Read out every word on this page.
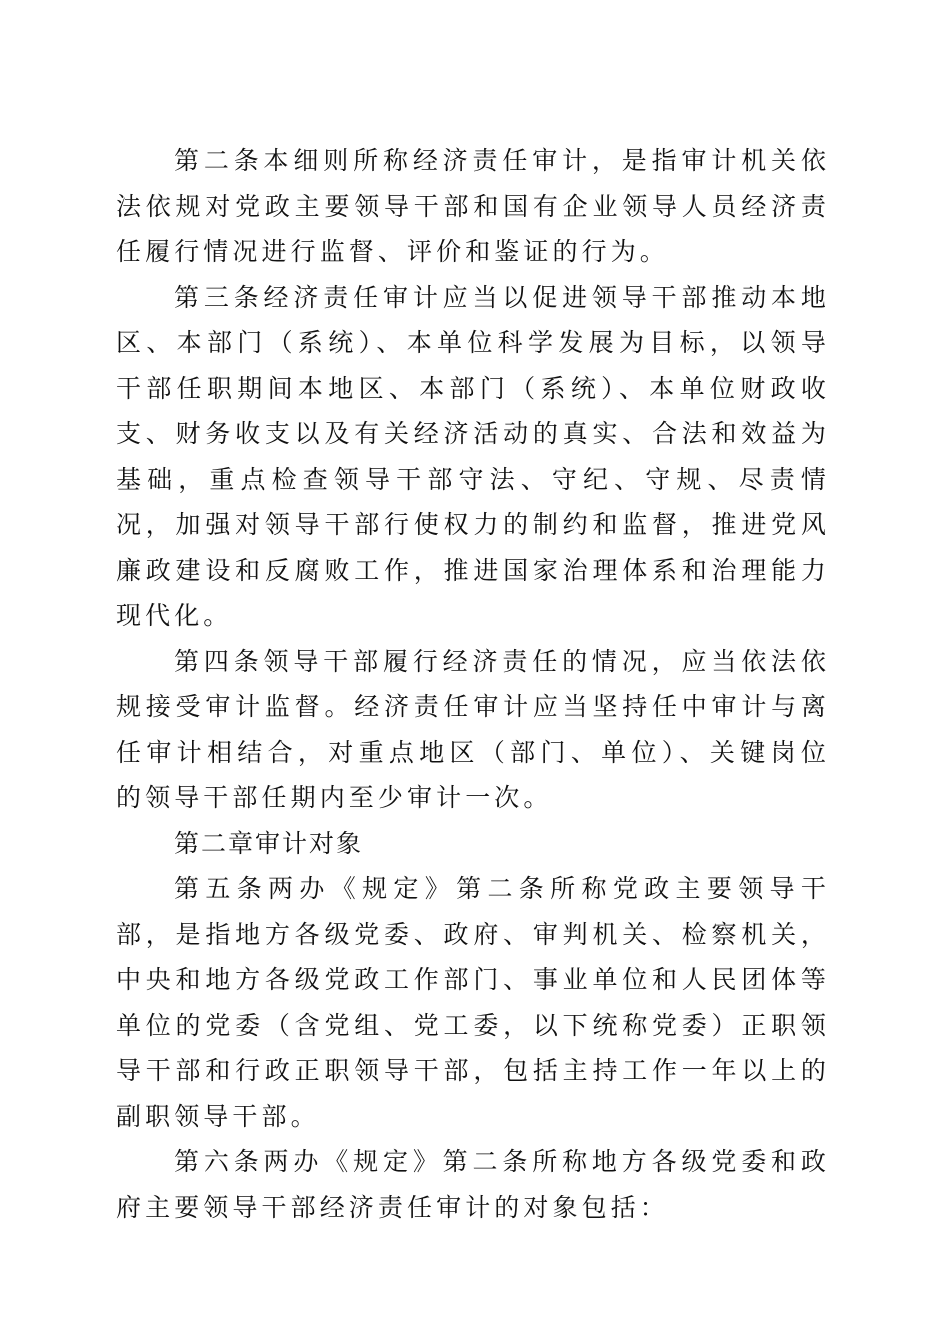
第二条本细则所称经济责任审计，是指审计机关依法依规对党政主要领导干部和国有企业领导人员经济责任履行情况进行监督、评价和鉴证的行为。

第三条经济责任审计应当以促进领导干部推动本地区、本部门（系统）、本单位科学发展为目标，以领导干部任职期间本地区、本部门（系统）、本单位财政收支、财务收支以及有关经济活动的真实、合法和效益为基础，重点检查领导干部守法、守纪、守规、尽责情况，加强对领导干部行使权力的制约和监督，推进党风廉政建设和反腐败工作，推进国家治理体系和治理能力现代化。

第四条领导干部履行经济责任的情况，应当依法依规接受审计监督。经济责任审计应当坚持任中审计与离任审计相结合，对重点地区（部门、单位）、关键岗位的领导干部任期内至少审计一次。

第二章审计对象

第五条两办《规定》第二条所称党政主要领导干部，是指地方各级党委、政府、审判机关、检察机关，中央和地方各级党政工作部门、事业单位和人民团体等单位的党委（含党组、党工委，以下统称党委）正职领导干部和行政正职领导干部，包括主持工作一年以上的副职领导干部。

第六条两办《规定》第二条所称地方各级党委和政府主要领导干部经济责任审计的对象包括：
